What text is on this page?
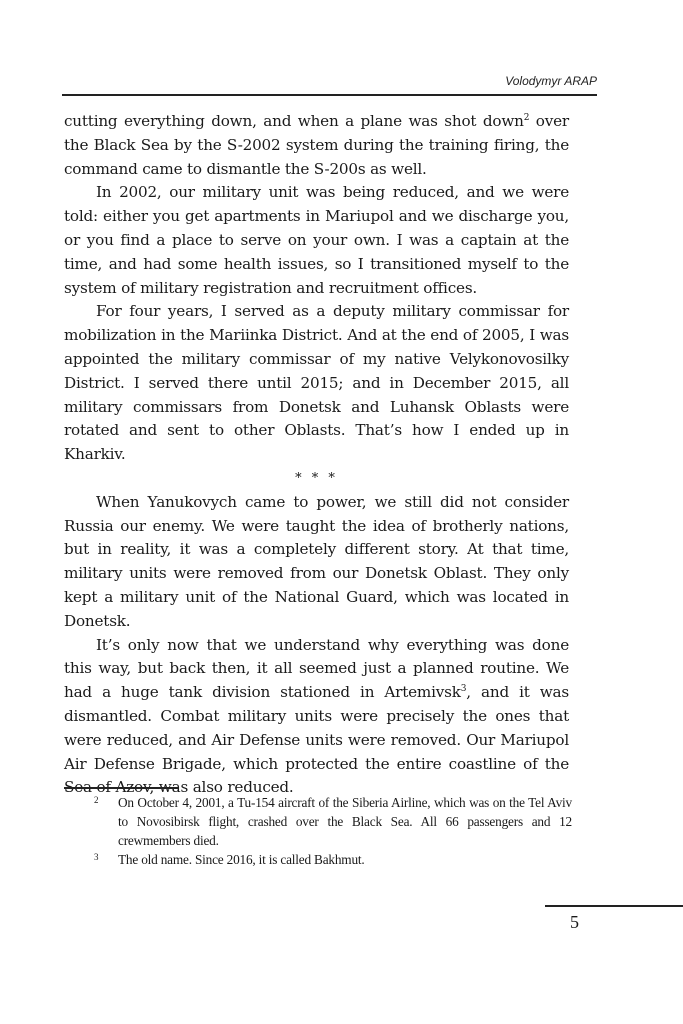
Volodymyr ARAP

cutting everything down, and when a plane was shot down$^2$ over the Black Sea by the S-2002 system during the training firing, the command came to dismantle the S-200s as well.

In 2002, our military unit was being reduced, and we were told: either you get apartments in Mariupol and we discharge you, or you find a place to serve on your own. I was a captain at the time, and had some health issues, so I transitioned myself to the system of military registration and recruitment offices.

For four years, I served as a deputy military commissar for mobilization in the Mariinka District. And at the end of 2005, I was appointed the military commissar of my native Velykonovosilky District. I served there until 2015; and in December 2015, all military commissars from Donetsk and Luhansk Oblasts were rotated and sent to other Oblasts. That’s how I ended up in Kharkiv.

* * *

When Yanukovych came to power, we still did not consider Russia our enemy. We were taught the idea of brotherly nations, but in reality, it was a completely different story. At that time, military units were removed from our Donetsk Oblast. They only kept a military unit of the National Guard, which was located in Donetsk.

It’s only now that we understand why everything was done this way, but back then, it all seemed just a planned routine. We had a huge tank division stationed in Artemivsk$^3$, and it was dismantled. Combat military units were precisely the ones that were reduced, and Air Defense units were removed. Our Mariupol Air Defense Brigade, which protected the entire coastline of the Sea of Azov, was also reduced.

2 On October 4, 2001, a Tu-154 aircraft of the Siberia Airline, which was on the Tel Aviv to Novosibirsk flight, crashed over the Black Sea. All 66 passengers and 12 crewmembers died.

3 The old name. Since 2016, it is called Bakhmut.

5
